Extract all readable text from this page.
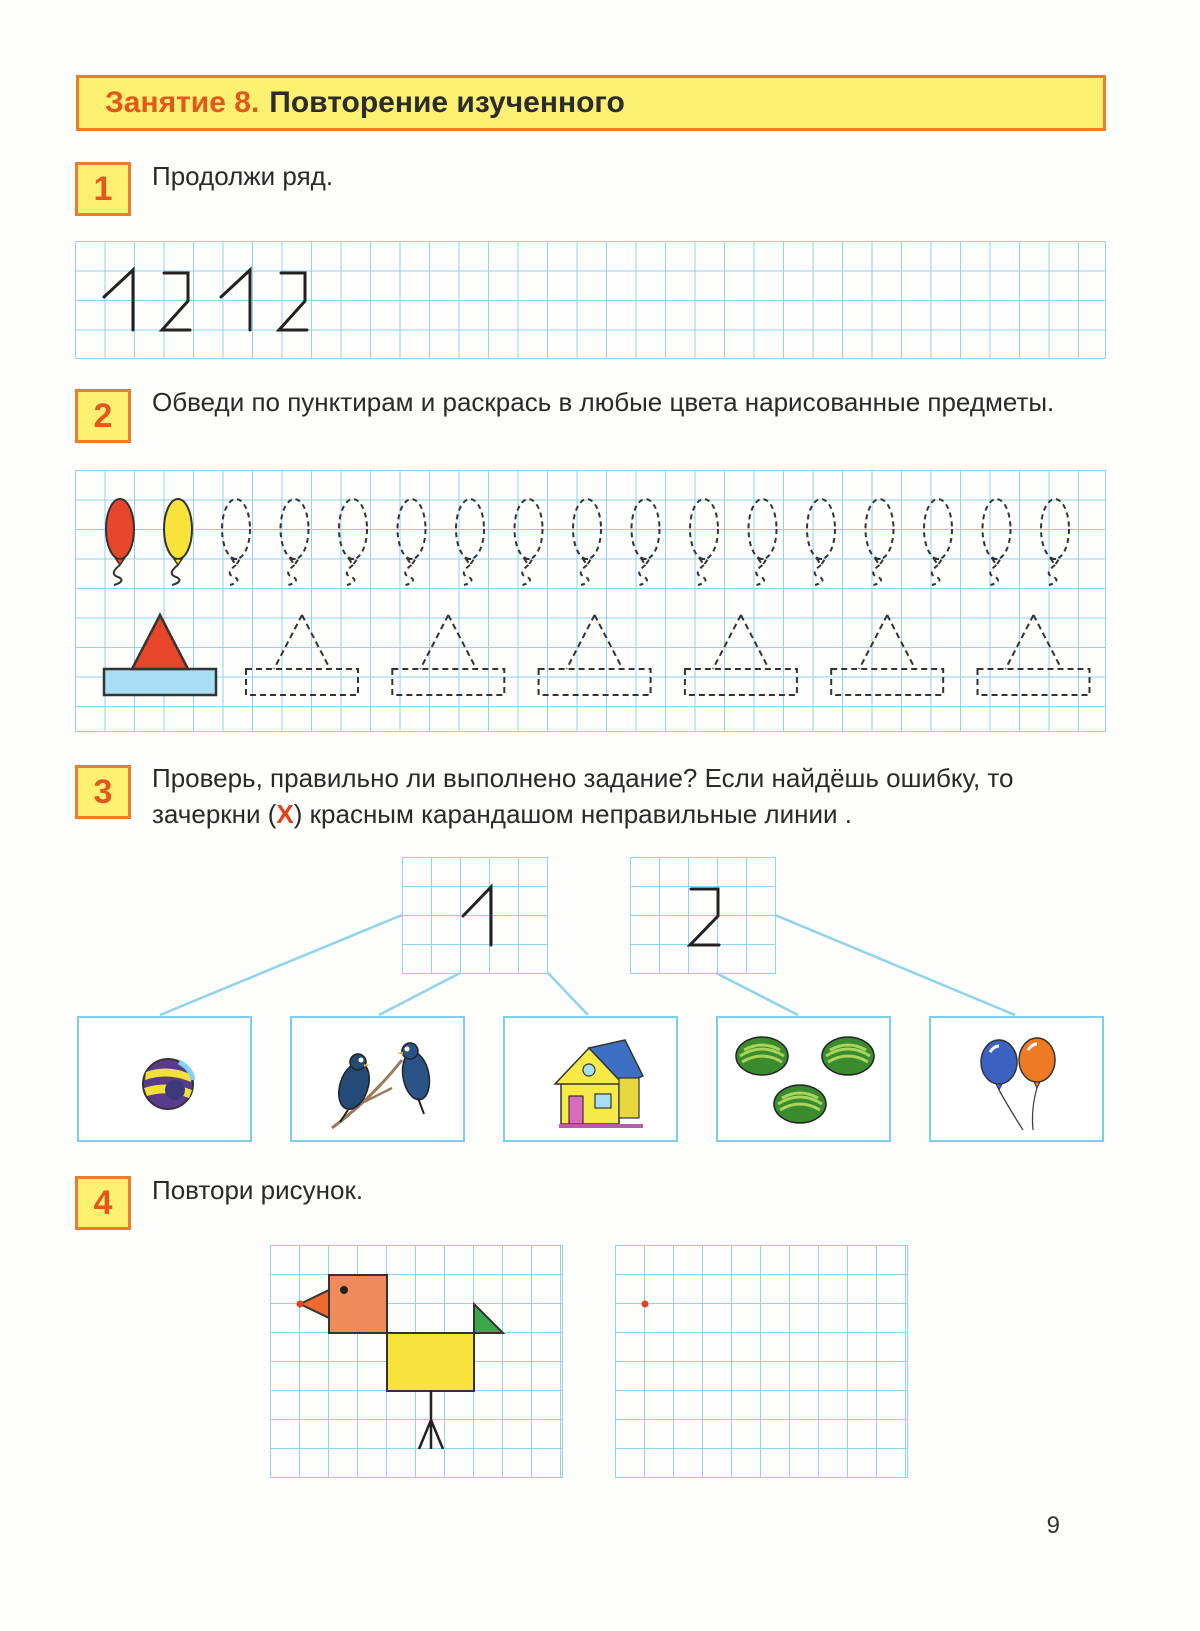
Занятие 8. Повторение изученного
1	Продолжи ряд.
2	Обведи по пунктирам и раскрась в любые цвета нарисованные предметы.
3	Проверь, правильно ли выполнено задание? Если найдёшь ошибку, то
зачеркни (X) красным карандашом неправильные линии .
4	Повтори рисунок.
9
